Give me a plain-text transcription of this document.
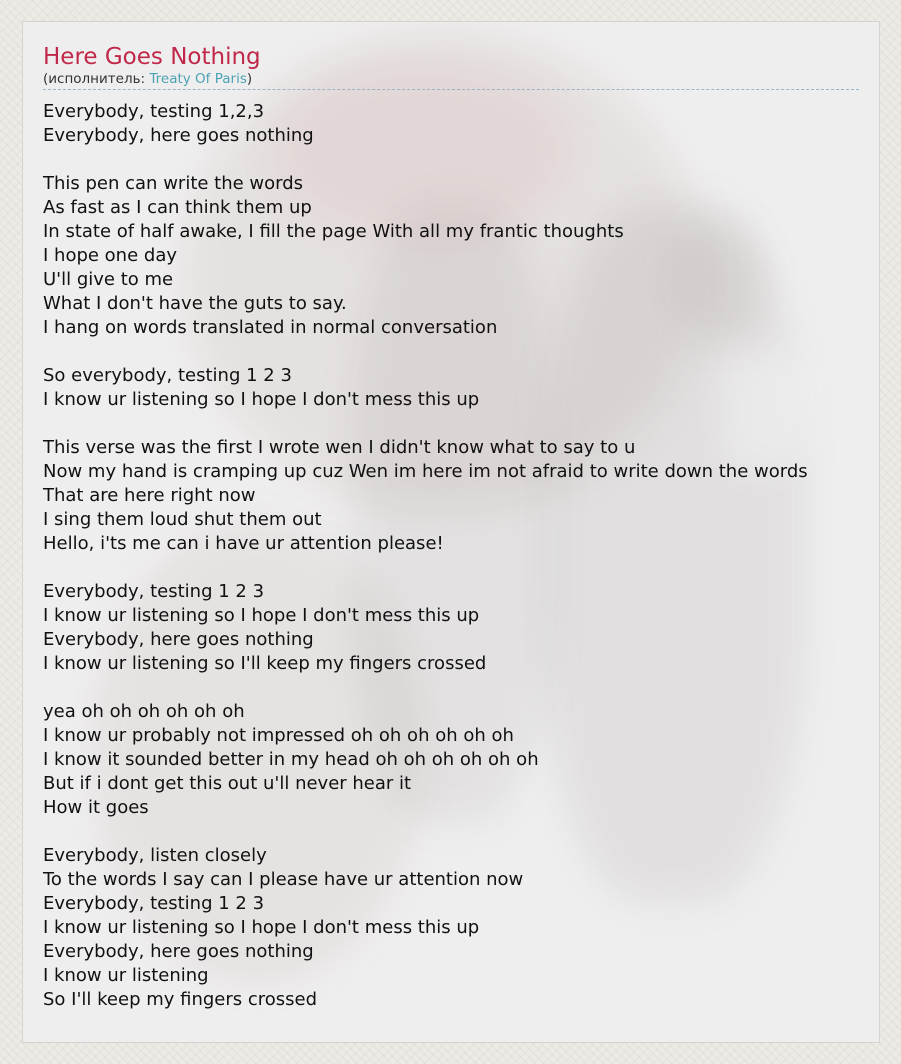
Here Goes Nothing
(исполнитель: Treaty Of Paris)
Everybody, testing 1,2,3
Everybody, here goes nothing
This pen can write the words
As fast as I can think them up
In state of half awake, I fill the page With all my frantic thoughts
I hope one day
U'll give to me
What I don't have the guts to say.
I hang on words translated in normal conversation
So everybody, testing 1 2 3
I know ur listening so I hope I don't mess this up
This verse was the first I wrote wen I didn't know what to say to u
Now my hand is cramping up cuz Wen im here im not afraid to write down the words
That are here right now
I sing them loud shut them out
Hello, i'ts me can i have ur attention please!
Everybody, testing 1 2 3
I know ur listening so I hope I don't mess this up
Everybody, here goes nothing
I know ur listening so I'll keep my fingers crossed
yea oh oh oh oh oh oh
I know ur probably not impressed oh oh oh oh oh oh
I know it sounded better in my head oh oh oh oh oh oh
But if i dont get this out u'll never hear it
How it goes
Everybody, listen closely
To the words I say can I please have ur attention now
Everybody, testing 1 2 3
I know ur listening so I hope I don't mess this up
Everybody, here goes nothing
I know ur listening
So I'll keep my fingers crossed
